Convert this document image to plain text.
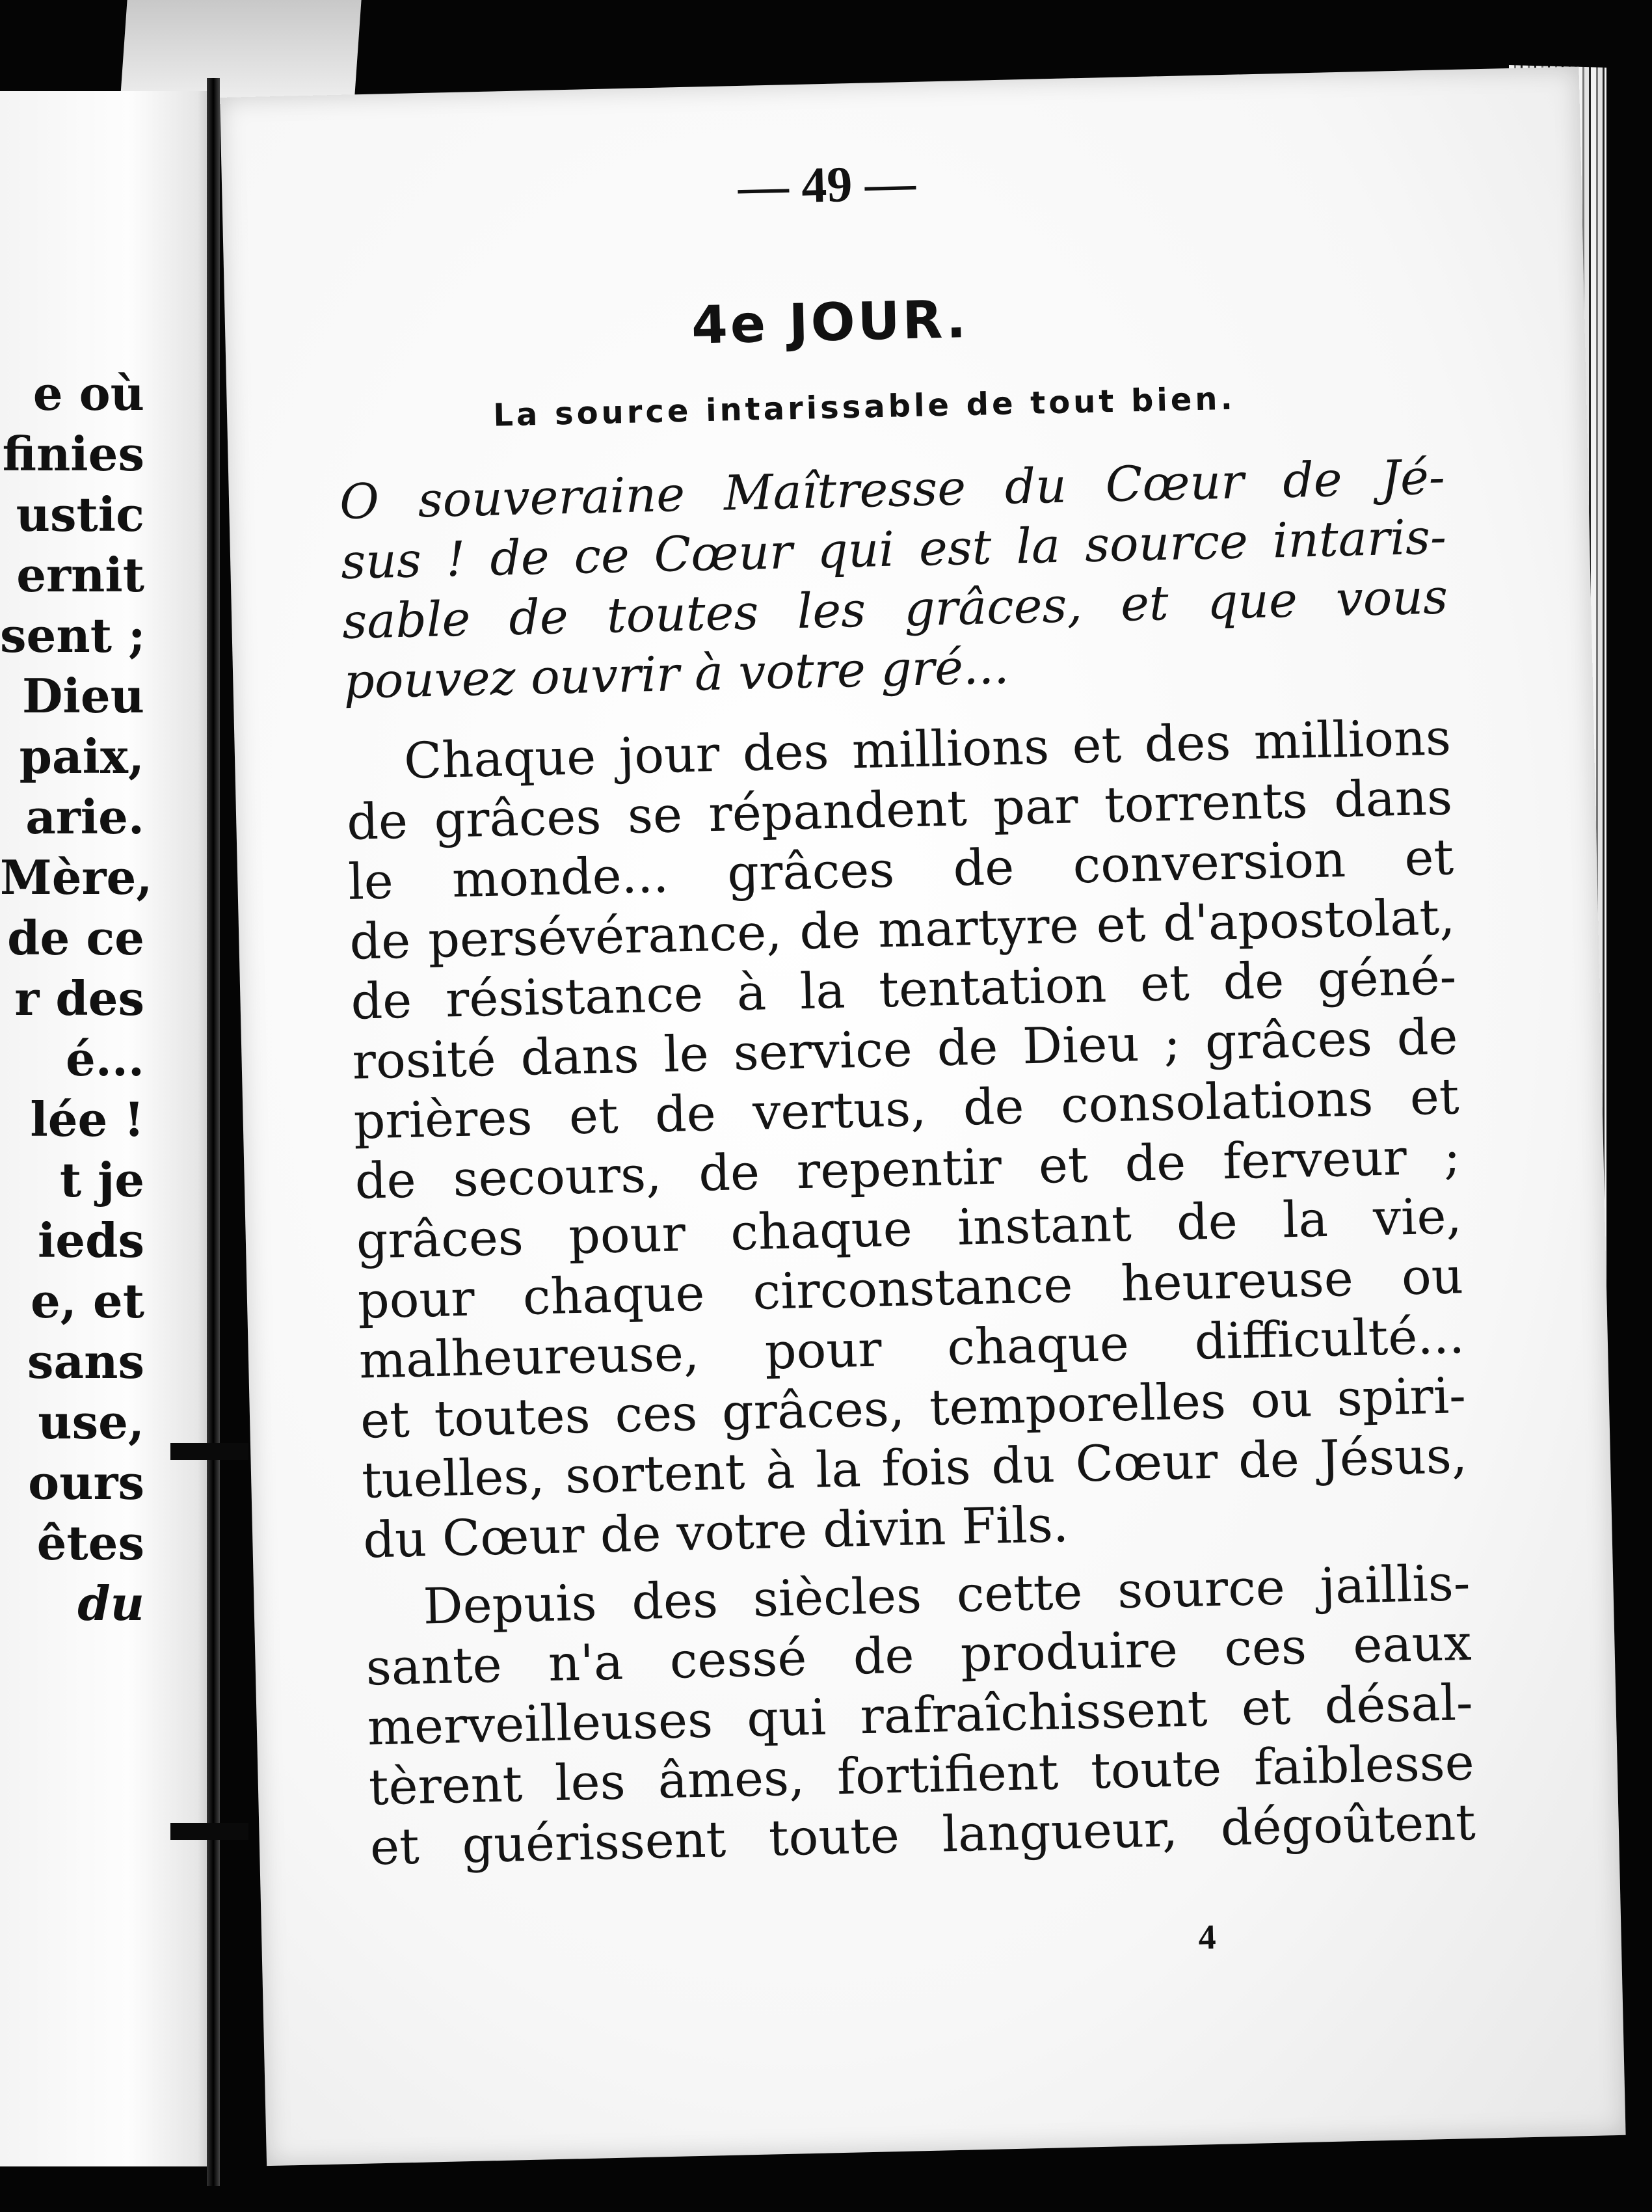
e où
finies
ustic
ernit
sent ;
Dieu
paix,
arie.
Mère,
de ce
r des
é...
lée !
t je
ieds
e, et
sans
use,
ours
êtes
du
— 49 —
4e JOUR.
La source intarissable de tout bien.
O souveraine Maîtresse du Cœur de Jé-
sus ! de ce Cœur qui est la source intaris-
sable de toutes les grâces, et que vous
pouvez ouvrir à votre gré...
Chaque jour des millions et des millions
de grâces se répandent par torrents dans
le monde... grâces de conversion et
de persévérance, de martyre et d'apostolat,
de résistance à la tentation et de géné-
rosité dans le service de Dieu ; grâces de
prières et de vertus, de consolations et
de secours, de repentir et de ferveur ;
grâces pour chaque instant de la vie,
pour chaque circonstance heureuse ou
malheureuse, pour chaque difficulté...
et toutes ces grâces, temporelles ou spiri-
tuelles, sortent à la fois du Cœur de Jésus,
du Cœur de votre divin Fils.
Depuis des siècles cette source jaillis-
sante n'a cessé de produire ces eaux
merveilleuses qui rafraîchissent et désal-
tèrent les âmes, fortifient toute faiblesse
et guérissent toute langueur, dégoûtent
4
